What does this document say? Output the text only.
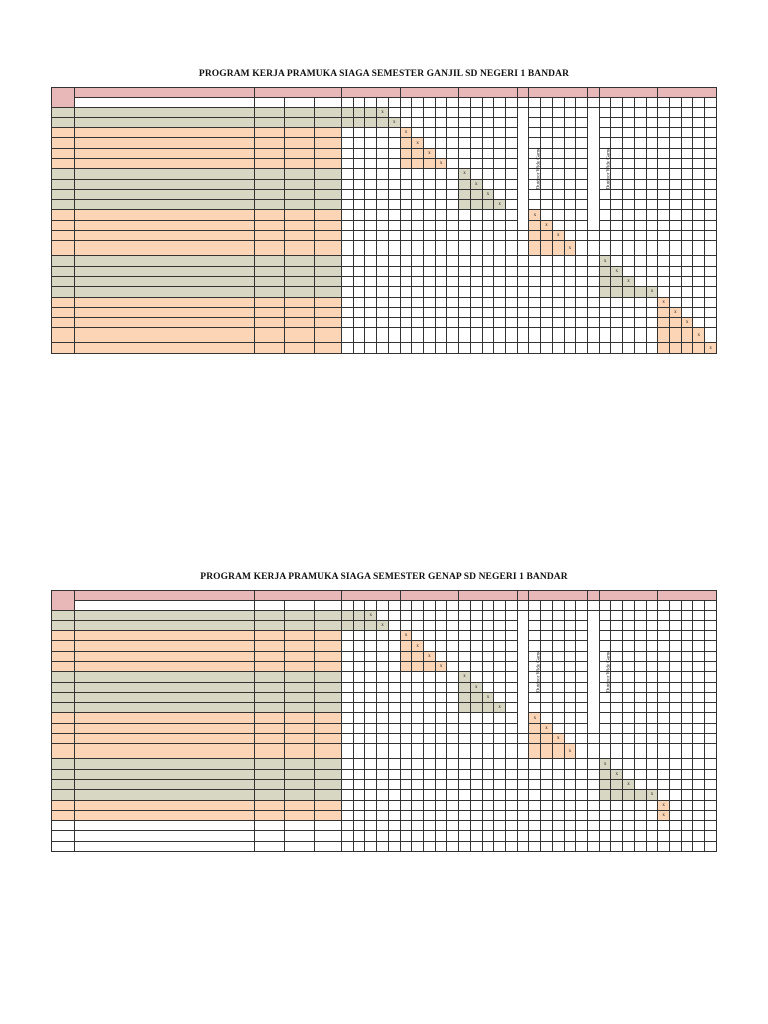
PROGRAM KERJA PRAMUKA SIAGA SEMESTER GANJIL SD NEGERI 1 BANDAR

								x												Outdoor Wide Game						Outdoor Wide Game										
									x																											
										x																										
											x																									
												x																								
													x																							
															x																					
																x																				
																	x																			
																		x																		
																					x															
																						x														
																							x													
																								x												
																											x									
																												x								
																													x							
																															x					
																																x				
																																	x			
																																		x		
																																			x	
																																				x
PROGRAM KERJA PRAMUKA SIAGA SEMESTER GENAP SD NEGERI 1 BANDAR

							x													Outdoor Wide Game						Outdoor Wide Game										
								x																												
										x																										
											x																									
												x																								
													x																							
															x																					
																x																				
																	x																			
																		x																		
																					x															
																						x														
																							x													
																								x												
																											x									
																												x								
																													x							
																															x					
																																x				
																																x				
